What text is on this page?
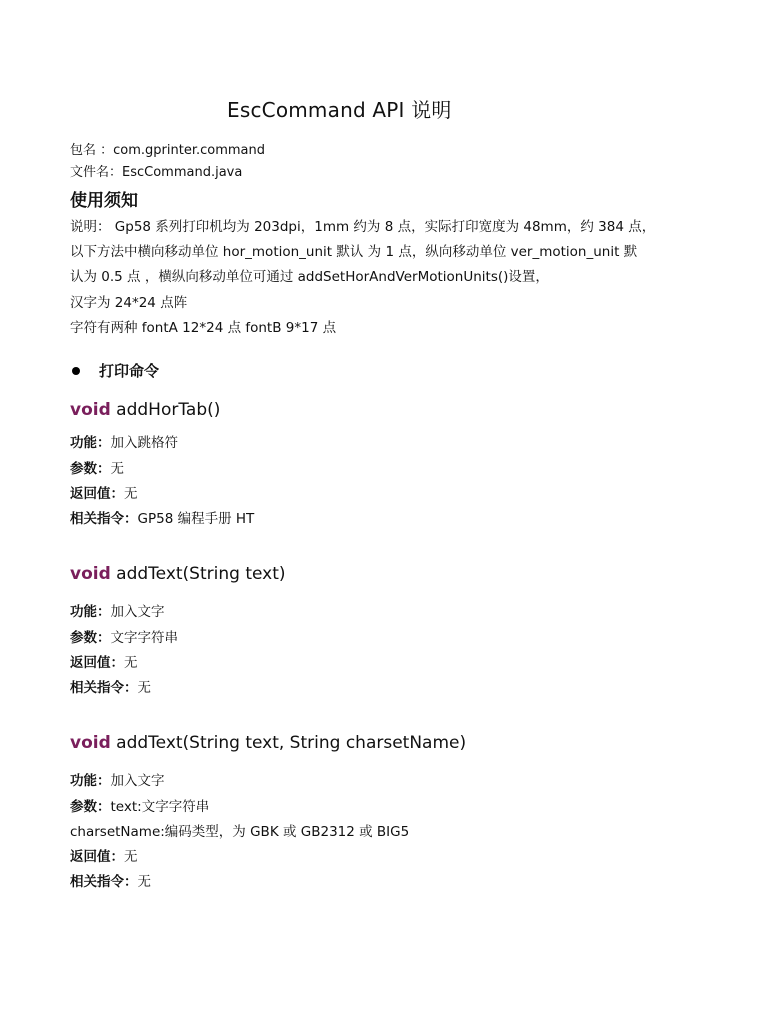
EscCommand API 说明
包名 ：com.gprinter.command
文件名：EscCommand.java
使用须知
说明： Gp58 系列打印机均为 203dpi，1mm 约为 8 点，实际打印宽度为 48mm，约 384 点，
以下方法中横向移动单位 hor_motion_unit 默认 为 1 点，纵向移动单位 ver_motion_unit 默
认为 0.5 点 ，横纵向移动单位可通过 addSetHorAndVerMotionUnits()设置，
汉字为 24*24 点阵
字符有两种 fontA 12*24 点 fontB 9*17 点
打印命令
void addHorTab()
功能：加入跳格符
参数：无
返回值：无
相关指令：GP58 编程手册 HT
void addText(String text)
功能：加入文字
参数：文字字符串
返回值：无
相关指令：无
void addText(String text, String charsetName)
功能：加入文字
参数：text:文字字符串
charsetName:编码类型，为 GBK 或 GB2312 或 BIG5
返回值：无
相关指令：无
